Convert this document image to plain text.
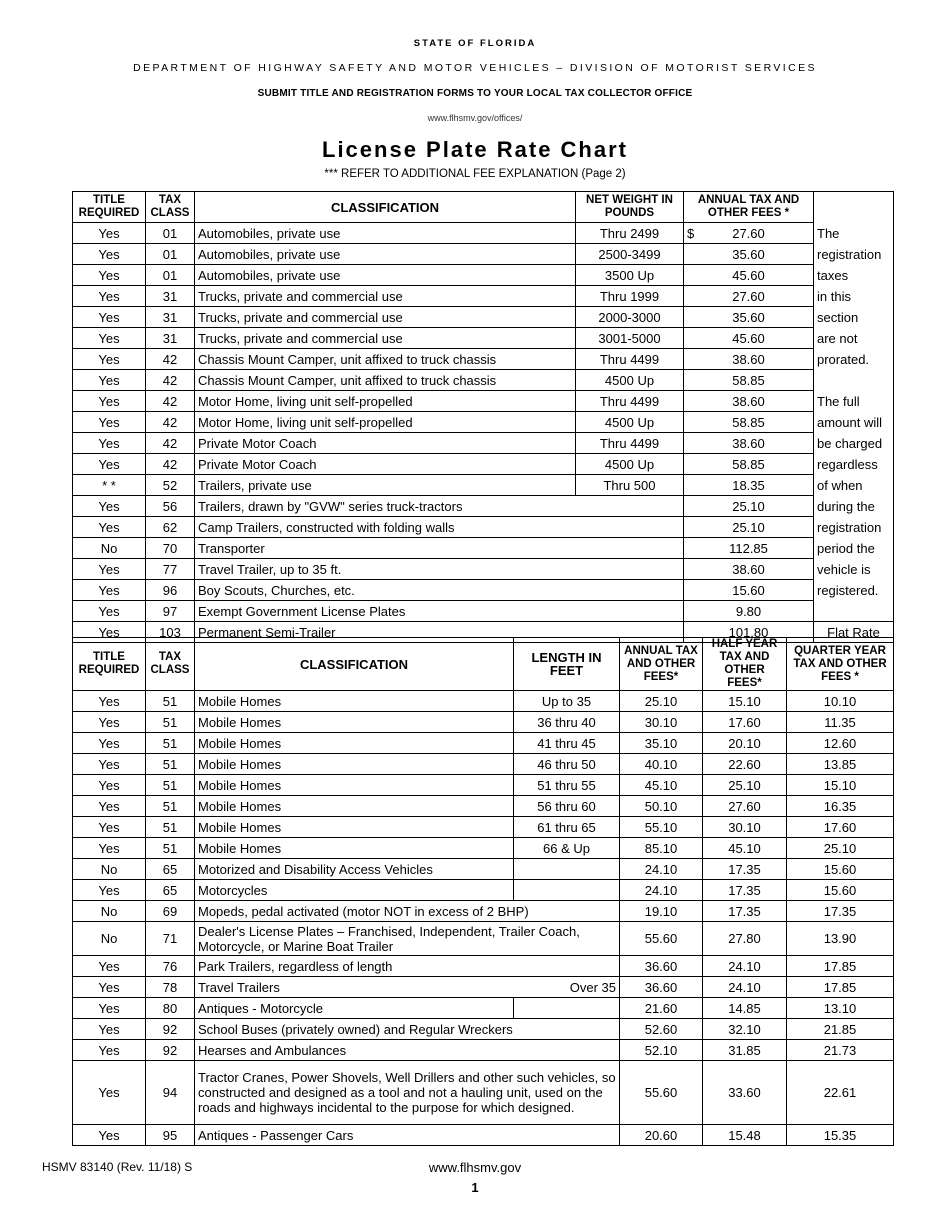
STATE OF FLORIDA
DEPARTMENT OF HIGHWAY SAFETY AND MOTOR VEHICLES – DIVISION OF MOTORIST SERVICES
SUBMIT TITLE AND REGISTRATION FORMS TO YOUR LOCAL TAX COLLECTOR OFFICE
www.flhsmv.gov/offices/
License Plate Rate Chart
*** REFER TO ADDITIONAL FEE EXPLANATION (Page 2)
TITLE REQUIRED	TAX CLASS	CLASSIFICATION	NET WEIGHT IN POUNDS	ANNUAL TAX AND OTHER FEES *	
Yes	01	Automobiles, private use	Thru 2499	$ 27.60	The
Yes	01	Automobiles, private use	2500-3499	35.60	registration
Yes	01	Automobiles, private use	3500 Up	45.60	taxes
Yes	31	Trucks, private and commercial use	Thru 1999	27.60	in this
Yes	31	Trucks, private and commercial use	2000-3000	35.60	section
Yes	31	Trucks, private and commercial use	3001-5000	45.60	are not
Yes	42	Chassis Mount Camper, unit affixed to truck chassis	Thru 4499	38.60	prorated.
Yes	42	Chassis Mount Camper, unit affixed to truck chassis	4500 Up	58.85	
Yes	42	Motor Home, living unit self-propelled	Thru 4499	38.60	The full
Yes	42	Motor Home, living unit self-propelled	4500 Up	58.85	amount will
Yes	42	Private Motor Coach	Thru 4499	38.60	be charged
Yes	42	Private Motor Coach	4500 Up	58.85	regardless
* *	52	Trailers, private use	Thru 500	18.35	of when
Yes	56	Trailers, drawn by "GVW" series truck-tractors		25.10	during the
Yes	62	Camp Trailers, constructed with folding walls		25.10	registration
No	70	Transporter		112.85	period the
Yes	77	Travel Trailer, up to 35 ft.		38.60	vehicle is
Yes	96	Boy Scouts, Churches, etc.		15.60	registered.
Yes	97	Exempt Government License Plates		9.80	
Yes	103	Permanent Semi-Trailer		101.80	Flat Rate
TITLE REQUIRED	TAX CLASS	CLASSIFICATION	LENGTH IN FEET	ANNUAL TAX AND OTHER FEES*	HALF YEAR TAX AND OTHER FEES*	QUARTER YEAR TAX AND OTHER FEES *
Yes	51	Mobile Homes	Up to 35	25.10	15.10	10.10
Yes	51	Mobile Homes	36 thru 40	30.10	17.60	11.35
Yes	51	Mobile Homes	41 thru 45	35.10	20.10	12.60
Yes	51	Mobile Homes	46 thru 50	40.10	22.60	13.85
Yes	51	Mobile Homes	51 thru 55	45.10	25.10	15.10
Yes	51	Mobile Homes	56 thru 60	50.10	27.60	16.35
Yes	51	Mobile Homes	61 thru 65	55.10	30.10	17.60
Yes	51	Mobile Homes	66 & Up	85.10	45.10	25.10
No	65	Motorized and Disability Access Vehicles		24.10	17.35	15.60
Yes	65	Motorcycles		24.10	17.35	15.60
No	69	Mopeds, pedal activated (motor NOT in excess of 2 BHP)		19.10	17.35	17.35
No	71	Dealer's License Plates – Franchised, Independent, Trailer Coach, Motorcycle, or Marine Boat Trailer		55.60	27.80	13.90
Yes	76	Park Trailers, regardless of length		36.60	24.10	17.85
Yes	78	Travel Trailers	Over 35	36.60	24.10	17.85
Yes	80	Antiques - Motorcycle		21.60	14.85	13.10
Yes	92	School Buses (privately owned) and Regular Wreckers		52.60	32.10	21.85
Yes	92	Hearses and Ambulances		52.10	31.85	21.73
Yes	94	Tractor Cranes, Power Shovels, Well Drillers and other such vehicles, so constructed and designed as a tool and not a hauling unit, used on the roads and highways incidental to the purpose for which designed.		55.60	33.60	22.61
Yes	95	Antiques - Passenger Cars		20.60	15.48	15.35
HSMV 83140 (Rev. 11/18) S	www.flhsmv.gov
1
